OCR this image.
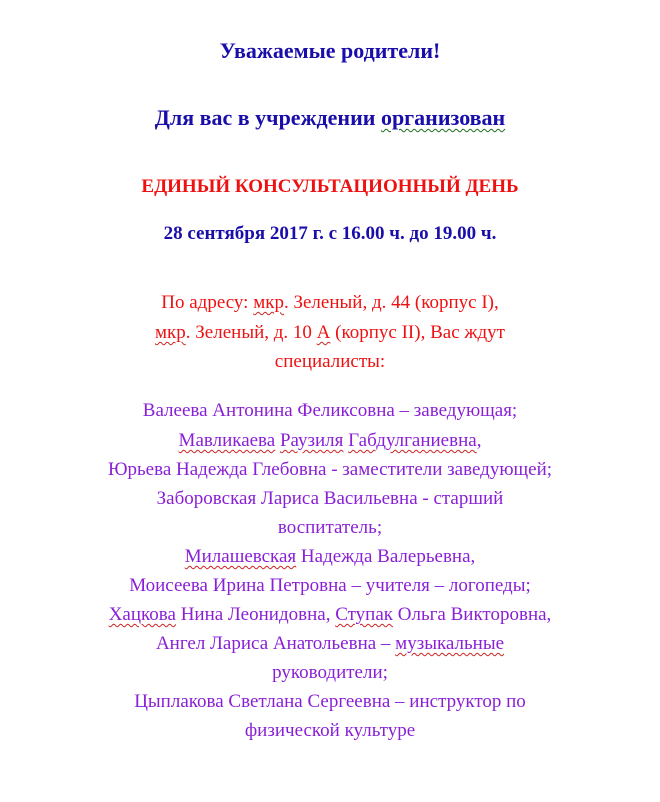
Уважаемые родители!
Для вас в учреждении организован
ЕДИНЫЙ КОНСУЛЬТАЦИОННЫЙ ДЕНЬ
28 сентября 2017 г. с 16.00 ч. до 19.00 ч.
По адресу: мкр. Зеленый, д. 44 (корпус I),
мкр. Зеленый, д. 10 А (корпус II), Вас ждут
специалисты:
Валеева Антонина Феликсовна – заведующая;
Мавликаева Раузиля Габдулганиевна,
Юрьева Надежда Глебовна - заместители заведующей;
Заборовская Лариса Васильевна - старший
воспитатель;
Милашевская Надежда Валерьевна,
Моисеева Ирина Петровна – учителя – логопеды;
Хацкова Нина Леонидовна, Ступак Ольга Викторовна,
Ангел Лариса Анатольевна – музыкальные
руководители;
Цыплакова Светлана Сергеевна – инструктор по
физической культуре
